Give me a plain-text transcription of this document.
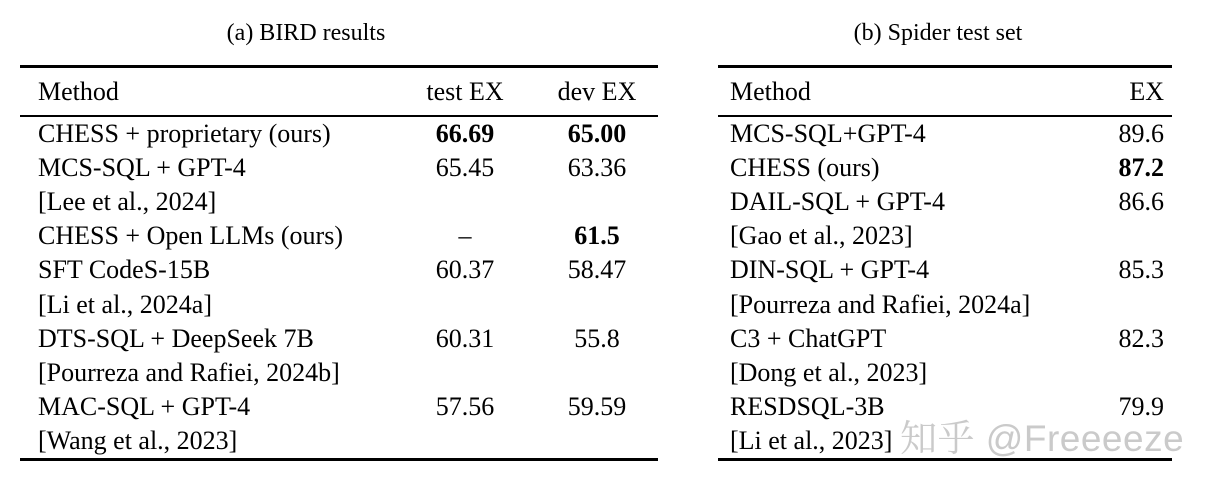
(a) BIRD results
Method	test EX	dev EX
CHESS + proprietary (ours)	66.69	65.00
MCS-SQL + GPT-4	65.45	63.36
[Lee et al., 2024]
CHESS + Open LLMs (ours)	–	61.5
SFT CodeS-15B	60.37	58.47
[Li et al., 2024a]
DTS-SQL + DeepSeek 7B	60.31	55.8
[Pourreza and Rafiei, 2024b]
MAC-SQL + GPT-4	57.56	59.59
[Wang et al., 2023]
(b) Spider test set
Method	EX
MCS-SQL+GPT-4	89.6
CHESS (ours)	87.2
DAIL-SQL + GPT-4	86.6
[Gao et al., 2023]
DIN-SQL + GPT-4	85.3
[Pourreza and Rafiei, 2024a]
C3 + ChatGPT	82.3
[Dong et al., 2023]
RESDSQL-3B	79.9
[Li et al., 2023] 知乎 @Freeeeze
